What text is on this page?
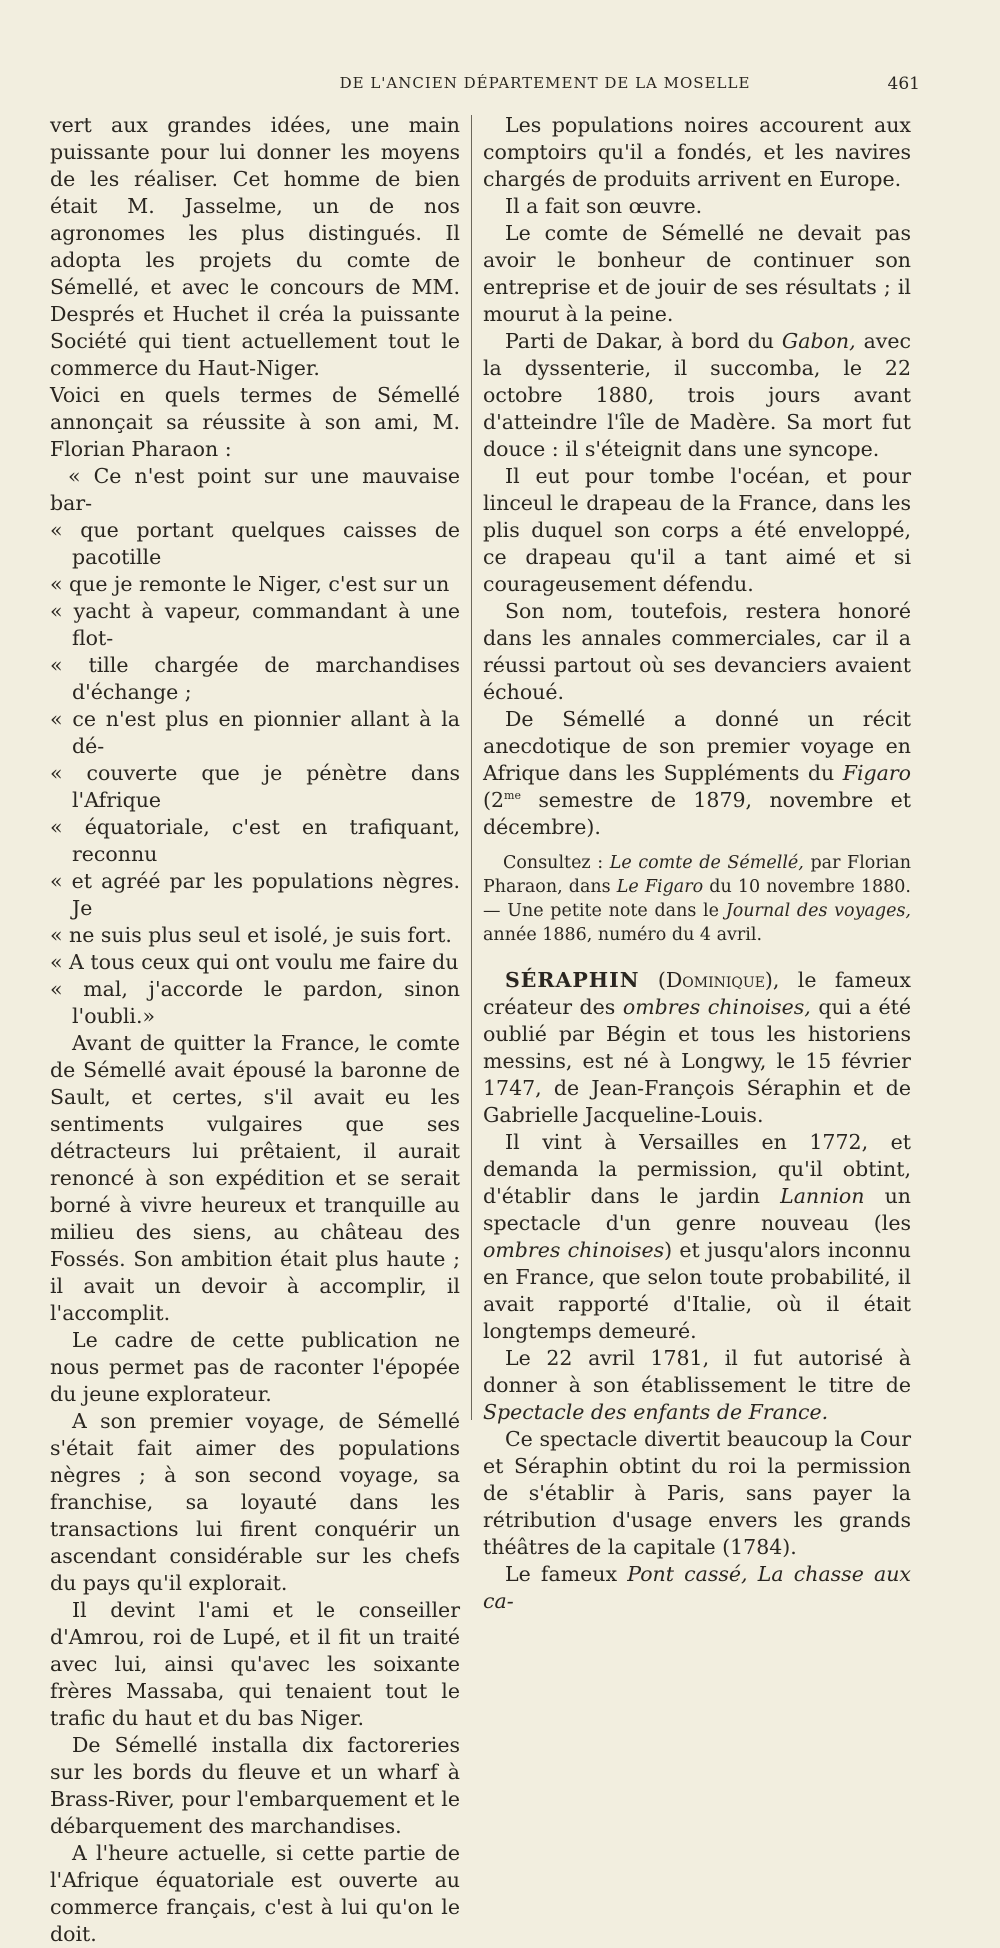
DE L'ANCIEN DÉPARTEMENT DE LA MOSELLE	461

vert aux grandes idées, une main puissante pour lui donner les moyens de les réaliser. Cet homme de bien était M. Jasselme, un de nos agronomes les plus distingués. Il adopta les projets du comte de Sémellé, et avec le concours de MM. Després et Huchet il créa la puissante Société qui tient actuellement tout le commerce du Haut-Niger.

Voici en quels termes de Sémellé annonçait sa réussite à son ami, M. Florian Pharaon :

« Ce n'est point sur une mauvaise bar-
« que portant quelques caisses de pacotille
« que je remonte le Niger, c'est sur un
« yacht à vapeur, commandant à une flot-
« tille chargée de marchandises d'échange ;
« ce n'est plus en pionnier allant à la dé-
« couverte que je pénètre dans l'Afrique
« équatoriale, c'est en trafiquant, reconnu
« et agréé par les populations nègres. Je
« ne suis plus seul et isolé, je suis fort.
« A tous ceux qui ont voulu me faire du
« mal, j'accorde le pardon, sinon l'oubli.»

Avant de quitter la France, le comte de Sémellé avait épousé la baronne de Sault, et certes, s'il avait eu les sentiments vulgaires que ses détracteurs lui prêtaient, il aurait renoncé à son expédition et se serait borné à vivre heureux et tranquille au milieu des siens, au château des Fossés. Son ambition était plus haute ; il avait un devoir à accomplir, il l'accomplit.

Le cadre de cette publication ne nous permet pas de raconter l'épopée du jeune explorateur.

A son premier voyage, de Sémellé s'était fait aimer des populations nègres ; à son second voyage, sa franchise, sa loyauté dans les transactions lui firent conquérir un ascendant considérable sur les chefs du pays qu'il explorait.

Il devint l'ami et le conseiller d'Amrou, roi de Lupé, et il fit un traité avec lui, ainsi qu'avec les soixante frères Massaba, qui tenaient tout le trafic du haut et du bas Niger.

De Sémellé installa dix factoreries sur les bords du fleuve et un wharf à Brass-River, pour l'embarquement et le débarquement des marchandises.

A l'heure actuelle, si cette partie de l'Afrique équatoriale est ouverte au commerce français, c'est à lui qu'on le doit.

Les populations noires accourent aux comptoirs qu'il a fondés, et les navires chargés de produits arrivent en Europe.

Il a fait son œuvre.

Le comte de Sémellé ne devait pas avoir le bonheur de continuer son entreprise et de jouir de ses résultats ; il mourut à la peine.

Parti de Dakar, à bord du Gabon, avec la dyssenterie, il succomba, le 22 octobre 1880, trois jours avant d'atteindre l'île de Madère. Sa mort fut douce : il s'éteignit dans une syncope.

Il eut pour tombe l'océan, et pour linceul le drapeau de la France, dans les plis duquel son corps a été enveloppé, ce drapeau qu'il a tant aimé et si courageusement défendu.

Son nom, toutefois, restera honoré dans les annales commerciales, car il a réussi partout où ses devanciers avaient échoué.

De Sémellé a donné un récit anecdotique de son premier voyage en Afrique dans les Suppléments du Figaro ($2^{me}$ semestre de 1879, novembre et décembre).

Consultez : Le comte de Sémellé, par Florian Pharaon, dans Le Figaro du 10 novembre 1880. — Une petite note dans le Journal des voyages, année 1886, numéro du 4 avril.

SÉRAPHIN (Dominique), le fameux créateur des ombres chinoises, qui a été oublié par Bégin et tous les historiens messins, est né à Longwy, le 15 février 1747, de Jean-François Séraphin et de Gabrielle Jacqueline-Louis.

Il vint à Versailles en 1772, et demanda la permission, qu'il obtint, d'établir dans le jardin Lannion un spectacle d'un genre nouveau (les ombres chinoises) et jusqu'alors inconnu en France, que selon toute probabilité, il avait rapporté d'Italie, où il était longtemps demeuré.

Le 22 avril 1781, il fut autorisé à donner à son établissement le titre de Spectacle des enfants de France.

Ce spectacle divertit beaucoup la Cour et Séraphin obtint du roi la permission de s'établir à Paris, sans payer la rétribution d'usage envers les grands théâtres de la capitale (1784).

Le fameux Pont cassé, La chasse aux ca-
